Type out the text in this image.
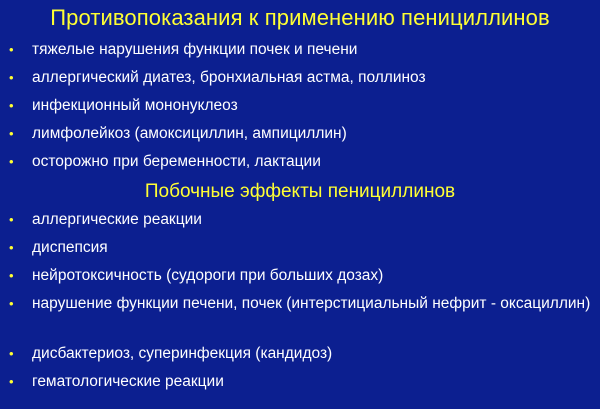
Противопоказания к применению пенициллинов
• тяжелые нарушения функции почек и печени
• аллергический диатез, бронхиальная астма, поллиноз
• инфекционный мононуклеоз
• лимфолейкоз (амоксициллин, ампициллин)
• осторожно при беременности, лактации
Побочные эффекты пенициллинов
• аллергические реакции
• диспепсия
• нейротоксичность (судороги при больших дозах)
• нарушение функции печени, почек (интерстициальный нефрит - оксациллин)
• дисбактериоз, суперинфекция (кандидоз)
• гематологические реакции
